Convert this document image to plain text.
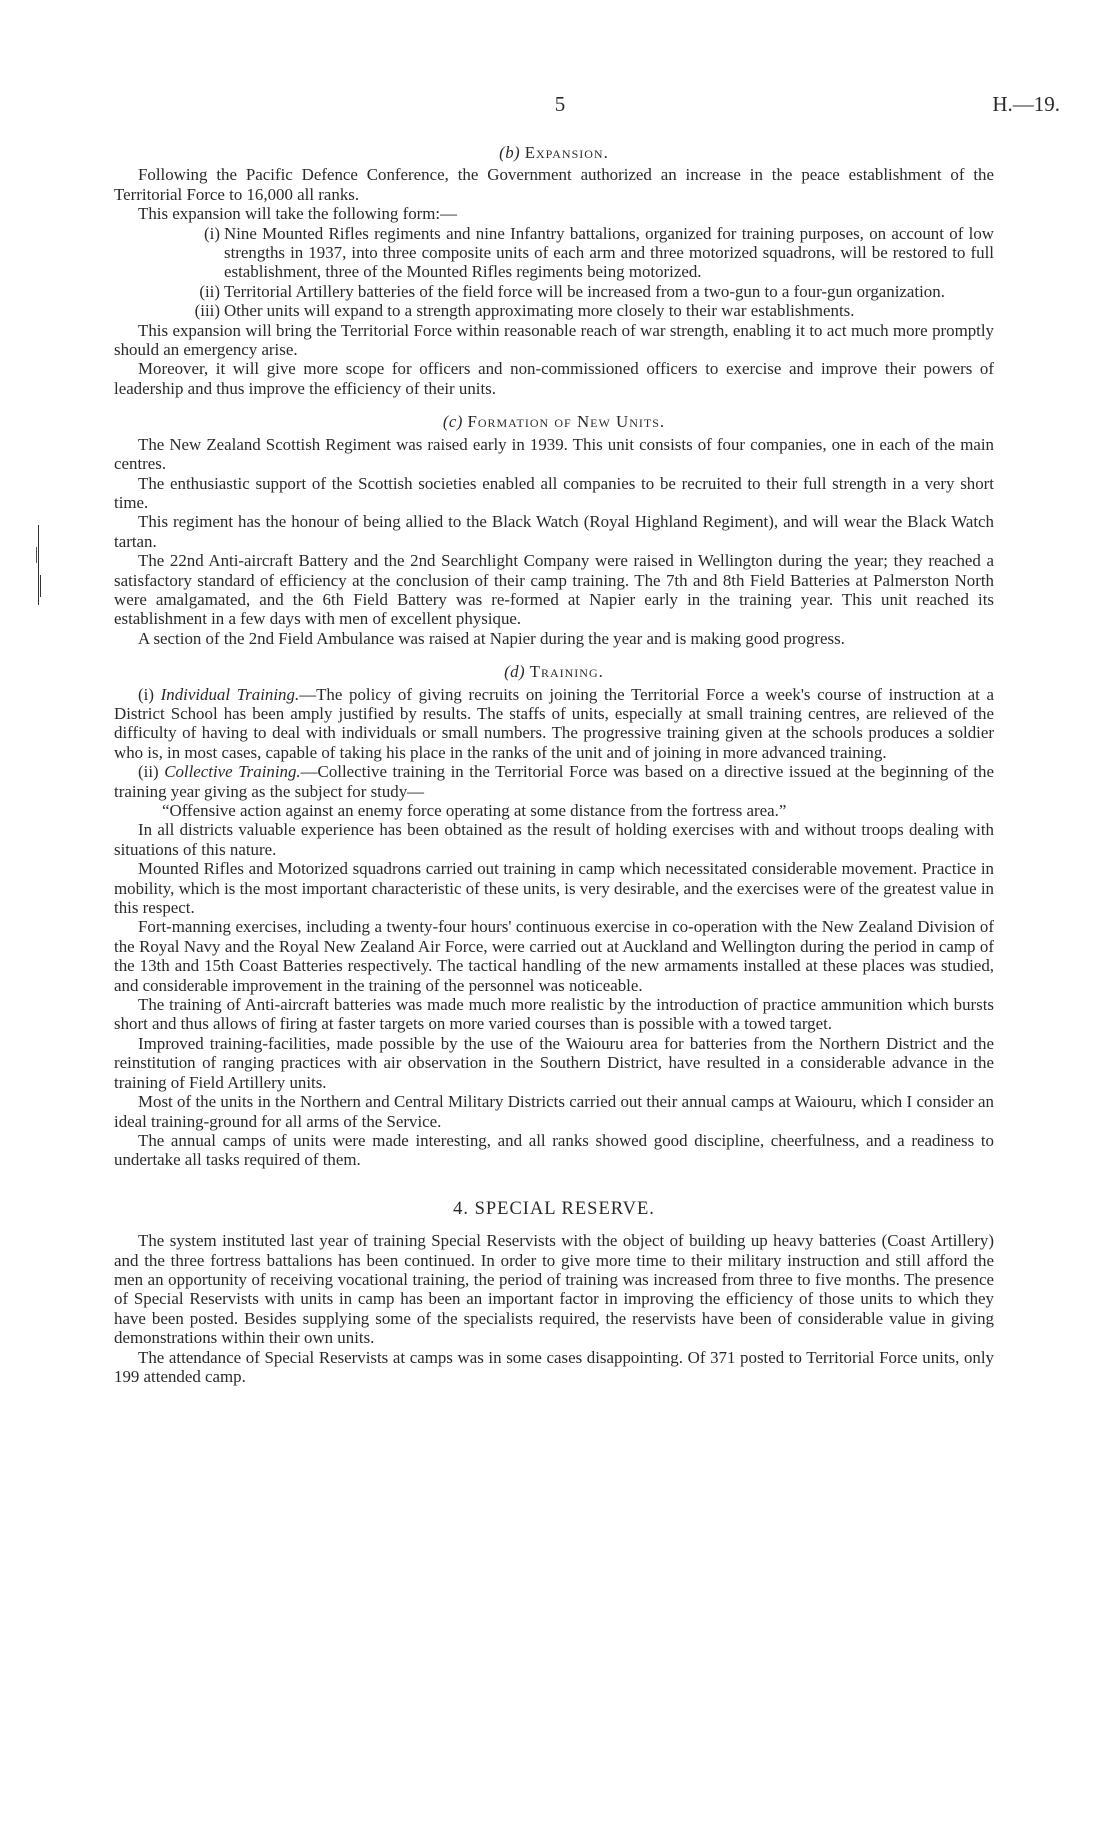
5	H.—19.

(b) Expansion.

Following the Pacific Defence Conference, the Government authorized an increase in the peace establishment of the Territorial Force to 16,000 all ranks.

This expansion will take the following form:—

(i) Nine Mounted Rifles regiments and nine Infantry battalions, organized for training purposes, on account of low strengths in 1937, into three composite units of each arm and three motorized squadrons, will be restored to full establishment, three of the Mounted Rifles regiments being motorized.

(ii) Territorial Artillery batteries of the field force will be increased from a two-gun to a four-gun organization.

(iii) Other units will expand to a strength approximating more closely to their war establishments.

This expansion will bring the Territorial Force within reasonable reach of war strength, enabling it to act much more promptly should an emergency arise.

Moreover, it will give more scope for officers and non-commissioned officers to exercise and improve their powers of leadership and thus improve the efficiency of their units.

(c) Formation of New Units.

The New Zealand Scottish Regiment was raised early in 1939. This unit consists of four companies, one in each of the main centres.

The enthusiastic support of the Scottish societies enabled all companies to be recruited to their full strength in a very short time.

This regiment has the honour of being allied to the Black Watch (Royal Highland Regiment), and will wear the Black Watch tartan.

The 22nd Anti-aircraft Battery and the 2nd Searchlight Company were raised in Wellington during the year; they reached a satisfactory standard of efficiency at the conclusion of their camp training. The 7th and 8th Field Batteries at Palmerston North were amalgamated, and the 6th Field Battery was re-formed at Napier early in the training year. This unit reached its establishment in a few days with men of excellent physique.

A section of the 2nd Field Ambulance was raised at Napier during the year and is making good progress.

(d) Training.

(i) Individual Training.—The policy of giving recruits on joining the Territorial Force a week's course of instruction at a District School has been amply justified by results. The staffs of units, especially at small training centres, are relieved of the difficulty of having to deal with individuals or small numbers. The progressive training given at the schools produces a soldier who is, in most cases, capable of taking his place in the ranks of the unit and of joining in more advanced training.

(ii) Collective Training.—Collective training in the Territorial Force was based on a directive issued at the beginning of the training year giving as the subject for study—

“Offensive action against an enemy force operating at some distance from the fortress area.”

In all districts valuable experience has been obtained as the result of holding exercises with and without troops dealing with situations of this nature.

Mounted Rifles and Motorized squadrons carried out training in camp which necessitated considerable movement. Practice in mobility, which is the most important characteristic of these units, is very desirable, and the exercises were of the greatest value in this respect.

Fort-manning exercises, including a twenty-four hours' continuous exercise in co-operation with the New Zealand Division of the Royal Navy and the Royal New Zealand Air Force, were carried out at Auckland and Wellington during the period in camp of the 13th and 15th Coast Batteries respectively. The tactical handling of the new armaments installed at these places was studied, and considerable improvement in the training of the personnel was noticeable.

The training of Anti-aircraft batteries was made much more realistic by the introduction of practice ammunition which bursts short and thus allows of firing at faster targets on more varied courses than is possible with a towed target.

Improved training-facilities, made possible by the use of the Waiouru area for batteries from the Northern District and the reinstitution of ranging practices with air observation in the Southern District, have resulted in a considerable advance in the training of Field Artillery units.

Most of the units in the Northern and Central Military Districts carried out their annual camps at Waiouru, which I consider an ideal training-ground for all arms of the Service.

The annual camps of units were made interesting, and all ranks showed good discipline, cheerfulness, and a readiness to undertake all tasks required of them.

4. SPECIAL RESERVE.

The system instituted last year of training Special Reservists with the object of building up heavy batteries (Coast Artillery) and the three fortress battalions has been continued. In order to give more time to their military instruction and still afford the men an opportunity of receiving vocational training, the period of training was increased from three to five months. The presence of Special Reservists with units in camp has been an important factor in improving the efficiency of those units to which they have been posted. Besides supplying some of the specialists required, the reservists have been of considerable value in giving demonstrations within their own units.

The attendance of Special Reservists at camps was in some cases disappointing. Of 371 posted to Territorial Force units, only 199 attended camp.
